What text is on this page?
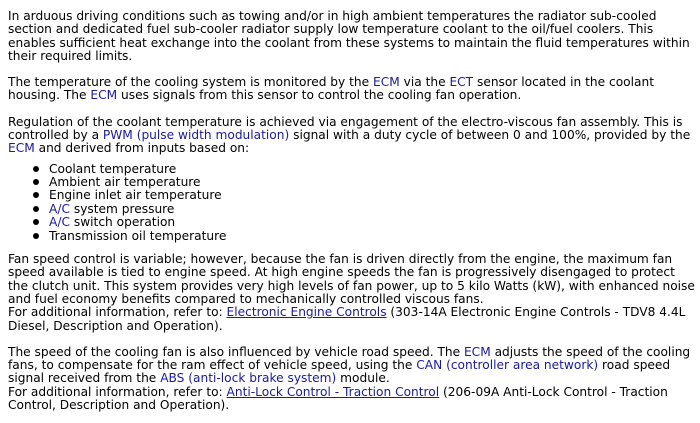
In arduous driving conditions such as towing and/or in high ambient temperatures the radiator sub-cooled section and dedicated fuel sub-cooler radiator supply low temperature coolant to the oil/fuel coolers. This enables sufficient heat exchange into the coolant from these systems to maintain the fluid temperatures within their required limits.

The temperature of the cooling system is monitored by the ECM via the ECT sensor located in the coolant housing. The ECM uses signals from this sensor to control the cooling fan operation.

Regulation of the coolant temperature is achieved via engagement of the electro-viscous fan assembly. This is controlled by a PWM (pulse width modulation) signal with a duty cycle of between 0 and 100%, provided by the ECM and derived from inputs based on:

Coolant temperature
Ambient air temperature
Engine inlet air temperature
A/C system pressure
A/C switch operation
Transmission oil temperature

Fan speed control is variable; however, because the fan is driven directly from the engine, the maximum fan speed available is tied to engine speed. At high engine speeds the fan is progressively disengaged to protect the clutch unit. This system provides very high levels of fan power, up to 5 kilo Watts (kW), with enhanced noise and fuel economy benefits compared to mechanically controlled viscous fans.
For additional information, refer to: Electronic Engine Controls (303-14A Electronic Engine Controls - TDV8 4.4L Diesel, Description and Operation).

The speed of the cooling fan is also influenced by vehicle road speed. The ECM adjusts the speed of the cooling fans, to compensate for the ram effect of vehicle speed, using the CAN (controller area network) road speed signal received from the ABS (anti-lock brake system) module.
For additional information, refer to: Anti-Lock Control - Traction Control (206-09A Anti-Lock Control - Traction Control, Description and Operation).
